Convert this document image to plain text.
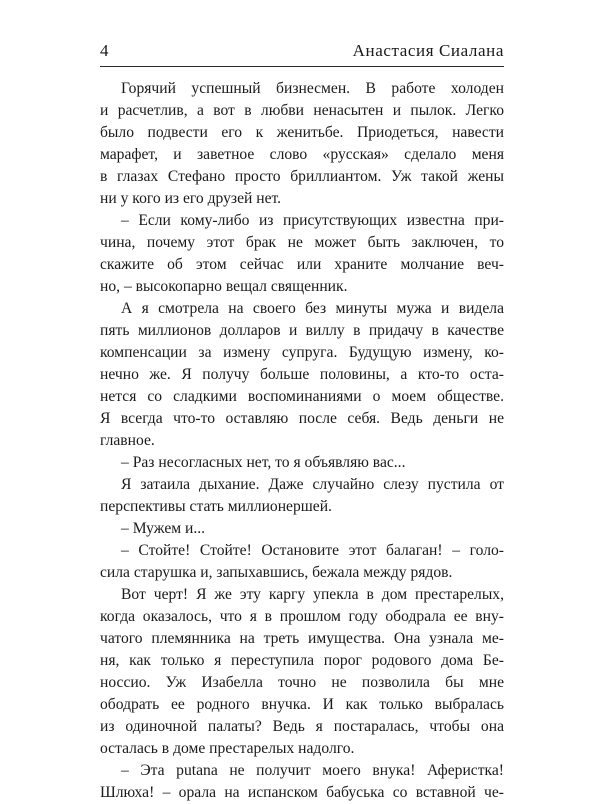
4	Анастасия Сиалана
Горячий успешный бизнесмен. В работе холоден
и расчетлив, а вот в любви ненасытен и пылок. Легко
было подвести его к женитьбе. Приодеться, навести
марафет, и заветное слово «русская» сделало меня
в глазах Стефано просто бриллиантом. Уж такой жены
ни у кого из его друзей нет.
– Если кому-либо из присутствующих известна при-
чина, почему этот брак не может быть заключен, то
скажите об этом сейчас или храните молчание веч-
но, – высокопарно вещал священник.
А я смотрела на своего без минуты мужа и видела
пять миллионов долларов и виллу в придачу в качестве
компенсации за измену супруга. Будущую измену, ко-
нечно же. Я получу больше половины, а кто-то оста-
нется со сладкими воспоминаниями о моем обществе.
Я всегда что-то оставляю после себя. Ведь деньги не
главное.
– Раз несогласных нет, то я объявляю вас...
Я затаила дыхание. Даже случайно слезу пустила от
перспективы стать миллионершей.
– Мужем и...
– Стойте! Стойте! Остановите этот балаган! – голо-
сила старушка и, запыхавшись, бежала между рядов.
Вот черт! Я же эту каргу упекла в дом престарелых,
когда оказалось, что я в прошлом году ободрала ее вну-
чатого племянника на треть имущества. Она узнала ме-
ня, как только я переступила порог родового дома Бе-
носсио. Уж Изабелла точно не позволила бы мне
ободрать ее родного внучка. И как только выбралась
из одиночной палаты? Ведь я постаралась, чтобы она
осталась в доме престарелых надолго.
– Эта putana не получит моего внука! Аферистка!
Шлюха! – орала на испанском бабуська со вставной че-
